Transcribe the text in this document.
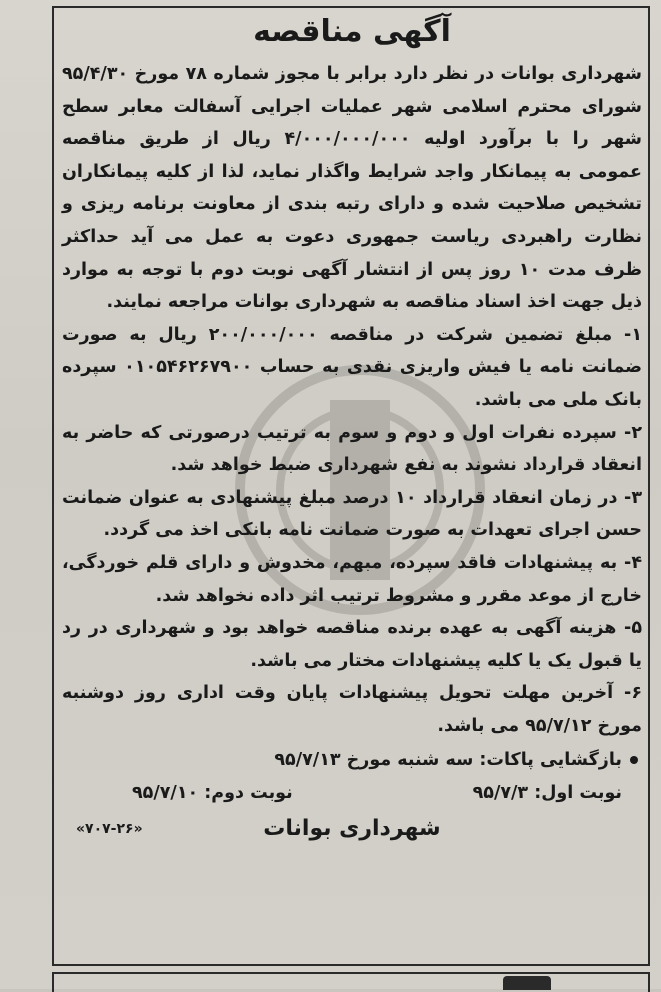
آگهی مناقصه

شهرداری بوانات در نظر دارد برابر با مجوز شماره ۷۸ مورخ ۹۵/۴/۳۰ شورای محترم اسلامی شهر عملیات اجرایی آسفالت معابر سطح شهر را با برآورد اولیه ۴/۰۰۰/۰۰۰/۰۰۰ ریال از طریق مناقصه عمومی به پیمانکار واجد شرایط واگذار نماید، لذا از کلیه پیمانکاران تشخیص صلاحیت شده و دارای رتبه بندی از معاونت برنامه ریزی و نظارت راهبردی ریاست جمهوری دعوت به عمل می آید حداکثر ظرف مدت ۱۰ روز پس از انتشار آگهی نوبت دوم با توجه به موارد ذیل جهت اخذ اسناد مناقصه به شهرداری بوانات مراجعه نمایند.

۱- مبلغ تضمین شرکت در مناقصه ۲۰۰/۰۰۰/۰۰۰ ریال به صورت ضمانت نامه یا فیش واریزی نقدی به حساب ۰۱۰۵۴۶۲۶۷۹۰۰ سپرده بانک ملی می باشد.

۲- سپرده نفرات اول و دوم و سوم به ترتیب درصورتی که حاضر به انعقاد قرارداد نشوند به نفع شهرداری ضبط خواهد شد.

۳- در زمان انعقاد قرارداد ۱۰ درصد مبلغ پیشنهادی به عنوان ضمانت حسن اجرای تعهدات به صورت ضمانت نامه بانکی اخذ می گردد.

۴- به پیشنهادات فاقد سپرده، مبهم، مخدوش و دارای قلم خوردگی، خارج از موعد مقرر و مشروط ترتیب اثر داده نخواهد شد.

۵- هزینه آگهی به عهده برنده مناقصه خواهد بود و شهرداری در رد یا قبول یک یا کلیه پیشنهادات مختار می باشد.

۶- آخرین مهلت تحویل پیشنهادات پایان وقت اداری روز دوشنبه مورخ ۹۵/۷/۱۲ می باشد.

بازگشایی پاکات: سه شنبه مورخ ۹۵/۷/۱۳

نوبت اول: ۹۵/۷/۳
نوبت دوم: ۹۵/۷/۱۰
شهرداری بوانات
«۷۰۷-۲۶»
